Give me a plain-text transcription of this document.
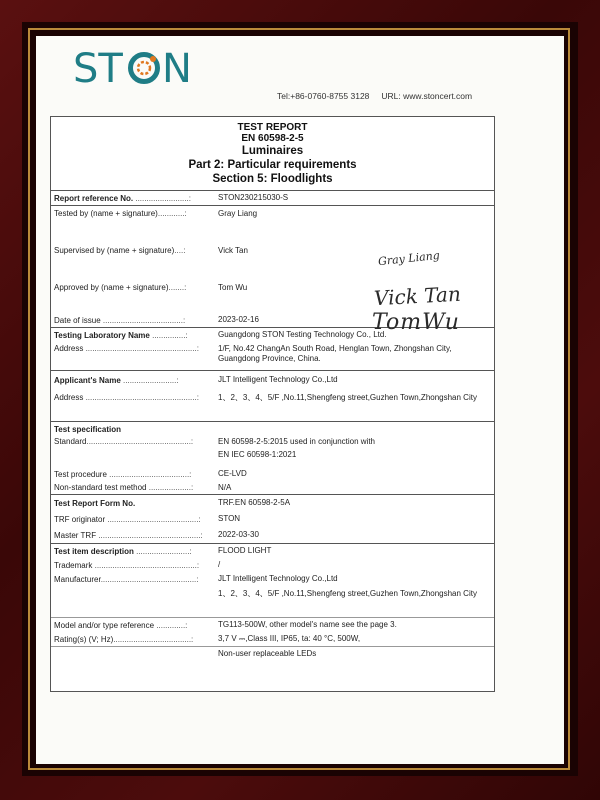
ST N
Tel:+86-0760-8755 3128 URL: www.stoncert.com
TEST REPORT
EN 60598-2-5
Luminaires
Part 2: Particular requirements
Section 5: Floodlights
Report reference No. ........................:	STON230215030-S
Tested by (name + signature)............:	Gray Liang
Supervised by (name + signature)....:	Vick Tan
Approved by (name + signature).......:	Tom Wu
Date of issue ....................................:	2023-02-16
Testing Laboratory Name ...............:	Guangdong STON Testing Technology Co., Ltd.
Address ..................................................:	1/F, No.42 ChangAn South Road, Henglan Town, Zhongshan City, Guangdong Province, China.
Applicant's Name ........................:	JLT Intelligent Technology Co.,Ltd
Address ..................................................:	1、2、3、4、5/F ,No.11,Shengfeng street,Guzhen Town,Zhongshan City
Test specification
Standard...............................................:	EN 60598-2-5:2015 used in conjunction with
EN IEC 60598-1:2021
Test procedure ....................................:	CE-LVD
Non-standard test method ...................:	N/A
Test Report Form No.	TRF.EN 60598-2-5A
TRF originator .........................................:	STON
Master TRF ..............................................:	2022-03-30
Test item description ........................:	FLOOD LIGHT
Trademark ..............................................:	/
Manufacturer...........................................:	JLT Intelligent Technology Co.,Ltd
1、2、3、4、5/F ,No.11,Shengfeng street,Guzhen Town,Zhongshan City
Model and/or type reference .............:	TG113-500W, other model's name see the page 3.
Rating(s) (V; Hz)...................................:	3,7 V ⎓,Class III, IP65, ta: 40 °C, 500W,
Non-user replaceable LEDs
Gray Liang
Vick Tan
TomWu
